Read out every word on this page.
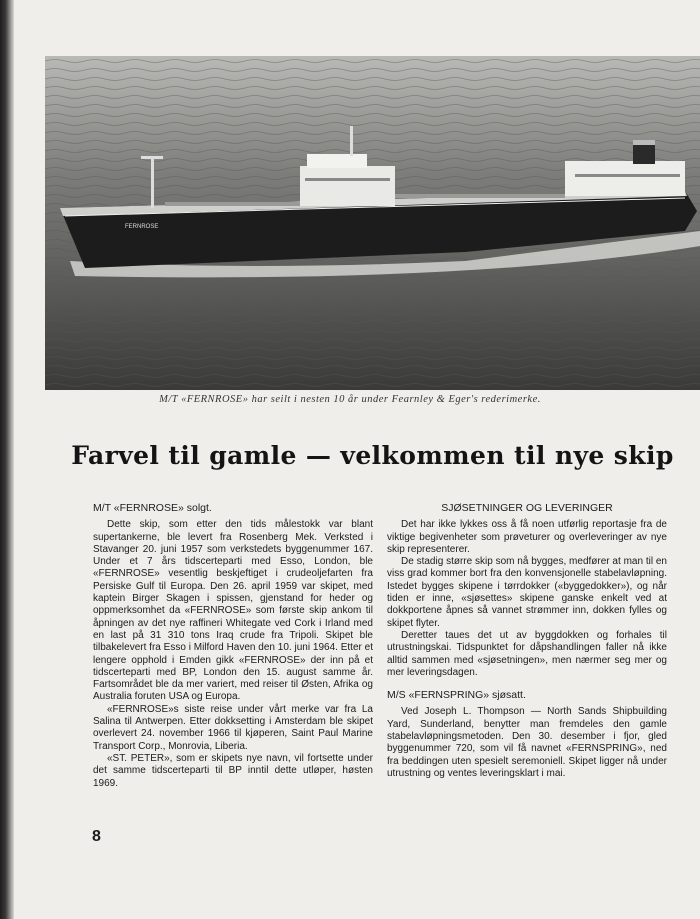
FERNROSE
M/T «FERNROSE» har seilt i nesten 10 år under Fearnley & Eger's rederimerke.
Farvel til gamle — velkommen til nye skip
M/T «FERNROSE» solgt.

Dette skip, som etter den tids målestokk var blant supertankerne, ble levert fra Rosenberg Mek. Verksted i Stavanger 20. juni 1957 som verkstedets byggenummer 167. Under et 7 års tidscerteparti med Esso, London, ble «FERNROSE» vesentlig beskjeftiget i crudeoljefarten fra Persiske Gulf til Europa. Den 26. april 1959 var skipet, med kaptein Birger Skagen i spissen, gjenstand for heder og oppmerksomhet da «FERNROSE» som første skip ankom til åpningen av det nye raffineri Whitegate ved Cork i Irland med en last på 31 310 tons Iraq crude fra Tripoli. Skipet ble tilbakelevert fra Esso i Milford Haven den 10. juni 1964. Etter et lengere opphold i Emden gikk «FERNROSE» der inn på et tidscerteparti med BP, London den 15. august samme år. Fartsområdet ble da mer variert, med reiser til Østen, Afrika og Australia foruten USA og Europa.

«FERNROSE»s siste reise under vårt merke var fra La Salina til Antwerpen. Etter dokksetting i Amsterdam ble skipet overlevert 24. november 1966 til kjøperen, Saint Paul Marine Transport Corp., Monrovia, Liberia.

«ST. PETER», som er skipets nye navn, vil fortsette under det samme tidscerteparti til BP inntil dette utløper, høsten 1969.

SJØSETNINGER OG LEVERINGER

Det har ikke lykkes oss å få noen utførlig reportasje fra de viktige begivenheter som prøveturer og overleveringer av nye skip representerer.

De stadig større skip som nå bygges, medfører at man til en viss grad kommer bort fra den konvensjonelle stabelavløpning. Istedet bygges skipene i tørrdokker («byggedokker»), og når tiden er inne, «sjøsettes» skipene ganske enkelt ved at dokkportene åpnes så vannet strømmer inn, dokken fylles og skipet flyter.

Deretter taues det ut av byggdokken og forhales til utrustningskai. Tidspunktet for dåpshandlingen faller nå ikke alltid sammen med «sjøsetningen», men nærmer seg mer og mer leveringsdagen.

M/S «FERNSPRING» sjøsatt.

Ved Joseph L. Thompson — North Sands Shipbuilding Yard, Sunderland, benytter man fremdeles den gamle stabelavløpningsmetoden. Den 30. desember i fjor, gled byggenummer 720, som vil få navnet «FERNSPRING», ned fra beddingen uten spesielt seremoniell. Skipet ligger nå under utrustning og ventes leveringsklart i mai.

8
